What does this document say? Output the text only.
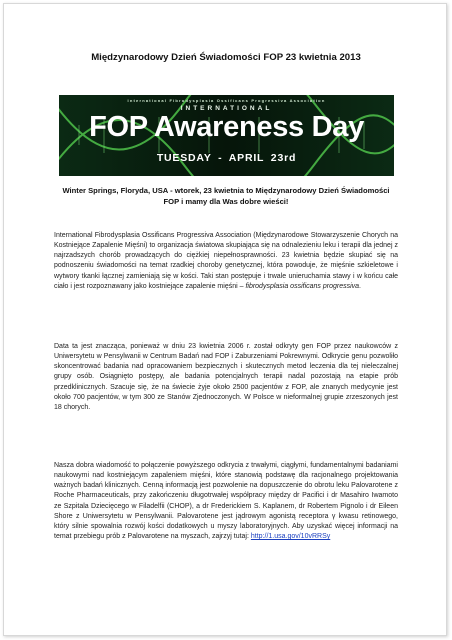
Międzynarodowy Dzień Świadomości FOP 23 kwietnia 2013
International Fibrodysplasia Ossificans Progressiva Association
INTERNATIONAL
FOP Awareness Day
TUESDAY - APRIL 23rd
Winter Springs, Floryda, USA - wtorek, 23 kwietnia to Międzynarodowy Dzień Świadomości FOP i mamy dla Was dobre wieści!
International Fibrodysplasia Ossificans Progressiva Association (Międzynarodowe Stowarzyszenie Chorych na Kostniejące Zapalenie Mięśni) to organizacja światowa skupiająca się na odnalezieniu leku i terapii dla jednej z najrzadszych chorób prowadzących do ciężkiej niepełnosprawności. 23 kwietnia będzie skupiać się na podnoszeniu świadomości na temat rzadkiej choroby genetycznej, która powoduje, że mięśnie szkieletowe i wytwory tkanki łącznej zamieniają się w kości. Taki stan postępuje i trwale unieruchamia stawy i w końcu całe ciało i jest rozpoznawany jako kostniejące zapalenie mięśni – fibrodysplasia ossificans progressiva.
Data ta jest znacząca, ponieważ w dniu 23 kwietnia 2006 r. został odkryty gen FOP przez naukowców z Uniwersytetu w Pensylwanii w Centrum Badań nad FOP i Zaburzeniami Pokrewnymi. Odkrycie genu pozwoliło skoncentrować badania nad opracowaniem bezpiecznych i skutecznych metod leczenia dla tej nieleczalnej grupy osób. Osiągnięto postępy, ale badania potencjalnych terapii nadal pozostają na etapie prób przedklinicznych. Szacuje się, że na świecie żyje około 2500 pacjentów z FOP, ale znanych medycynie jest około 700 pacjentów, w tym 300 ze Stanów Zjednoczonych. W Polsce w nieformalnej grupie zrzeszonych jest 18 chorych.
Nasza dobra wiadomość to połączenie powyższego odkrycia z trwałymi, ciągłymi, fundamentalnymi badaniami naukowymi nad kostniejącym zapaleniem mięśni, które stanowią podstawę dla racjonalnego projektowania ważnych badań klinicznych. Cenną informacją jest pozwolenie na dopuszczenie do obrotu leku Palovarotene z Roche Pharmaceuticals, przy zakończeniu długotrwałej współpracy między dr Pacifici i dr Masahiro Iwamoto ze Szpitala Dziecięcego w Filadelfii (CHOP), a dr Frederickiem S. Kaplanem, dr Robertem Pignolo i dr Eileen Shore z Uniwersytetu w Pensylwanii. Palovarotene jest jądrowym agonistą receptora γ kwasu retinowego, który silnie spowalnia rozwój kości dodatkowych u myszy laboratoryjnych. Aby uzyskać więcej informacji na temat przebiegu prób z Palovarotene na myszach, zajrzyj tutaj: http://1.usa.gov/10vRRSy
